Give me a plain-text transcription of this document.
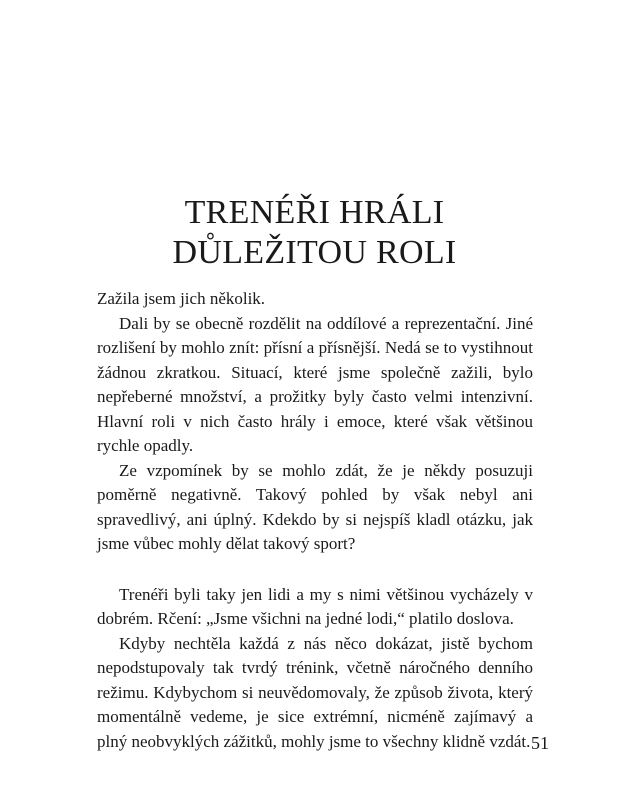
TRENÉŘI HRÁLI
DŮLEŽITOU ROLI

Zažila jsem jich několik.

Dali by se obecně rozdělit na oddílové a reprezentační. Jiné rozlišení by mohlo znít: přísní a přísnější. Nedá se to vystihnout žádnou zkratkou. Situací, které jsme společně zažili, bylo nepřeberné množství, a prožitky byly často velmi intenzivní. Hlavní roli v nich často hrály i emoce, které však většinou rychle opadly.

Ze vzpomínek by se mohlo zdát, že je někdy posuzuji poměrně negativně. Takový pohled by však nebyl ani spravedlivý, ani úplný. Kdekdo by si nejspíš kladl otázku, jak jsme vůbec mohly dělat takový sport?

Trenéři byli taky jen lidi a my s nimi většinou vycházely v dobrém. Rčení: „Jsme všichni na jedné lodi,“ platilo doslova.

Kdyby nechtěla každá z nás něco dokázat, jistě bychom nepodstupovaly tak tvrdý trénink, včetně náročného denního režimu. Kdybychom si neuvědomovaly, že způsob života, který momentálně vedeme, je sice extrémní, nicméně zajímavý a plný neobvyklých zážitků, mohly jsme to všechny klidně vzdát. 51
